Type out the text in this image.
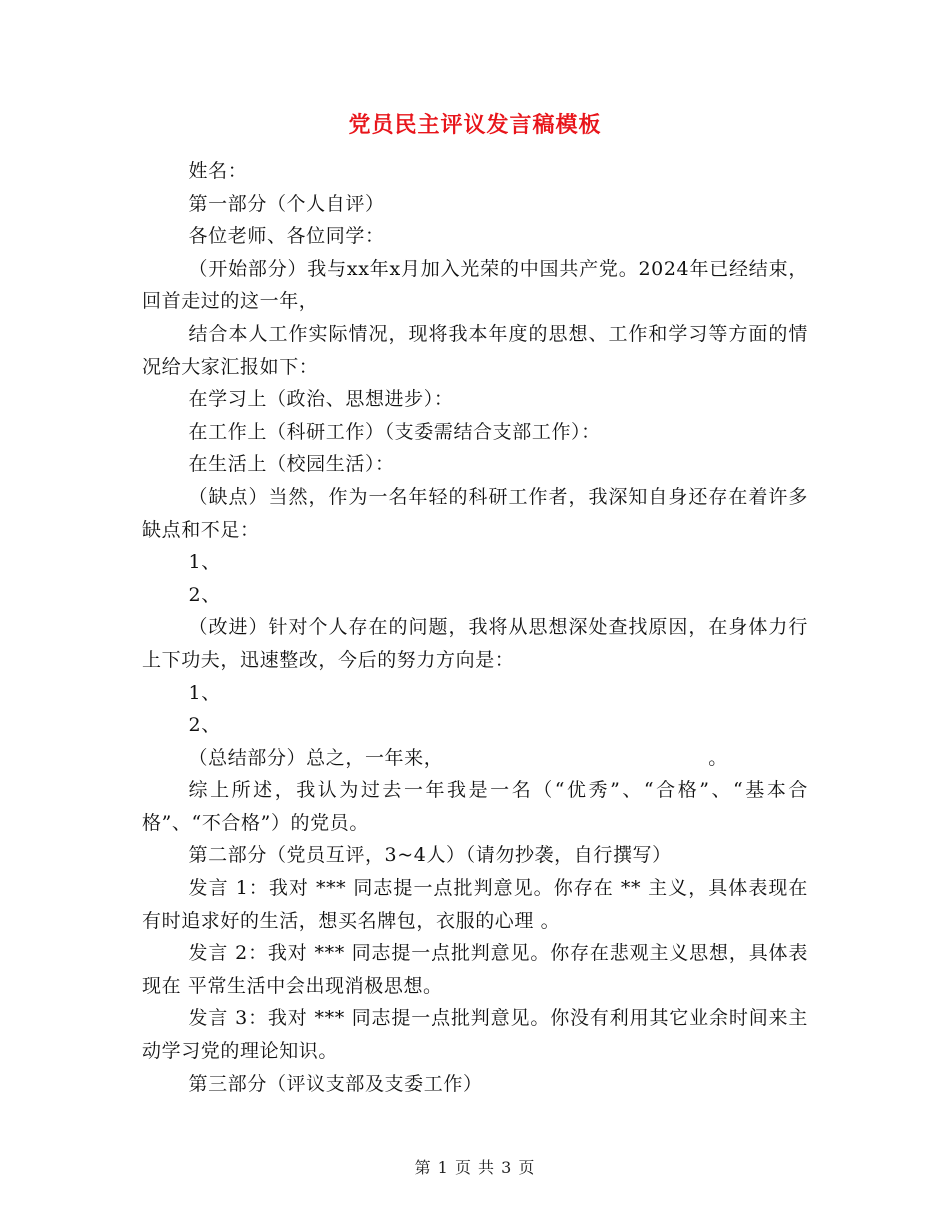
党员民主评议发言稿模板

姓名：

第一部分（个人自评）

各位老师、各位同学：

（开始部分）我与xx年x月加入光荣的中国共产党。2024年已经结束，回首走过的这一年，

结合本人工作实际情况，现将我本年度的思想、工作和学习等方面的情况给大家汇报如下：

在学习上（政治、思想进步）：

在工作上（科研工作）（支委需结合支部工作）：

在生活上（校园生活）：

（缺点）当然，作为一名年轻的科研工作者，我深知自身还存在着许多缺点和不足：

1、

2、

（改进）针对个人存在的问题，我将从思想深处查找原因，在身体力行上下功夫，迅速整改，今后的努力方向是：

1、

2、

（总结部分）总之，一年来，　　　　　　　　　　　　　　。

综上所述，我认为过去一年我是一名（“优秀”、“合格”、“基本合格”、“不合格”）的党员。

第二部分（党员互评，3~4人）（请勿抄袭，自行撰写）

发言 1：我对 *** 同志提一点批判意见。你存在 ** 主义，具体表现在 有时追求好的生活，想买名牌包，衣服的心理 。

发言 2：我对 *** 同志提一点批判意见。你存在悲观主义思想，具体表现在 平常生活中会出现消极思想。

发言 3：我对 *** 同志提一点批判意见。你没有利用其它业余时间来主动学习党的理论知识。

第三部分（评议支部及支委工作）

第 1 页 共 3 页
